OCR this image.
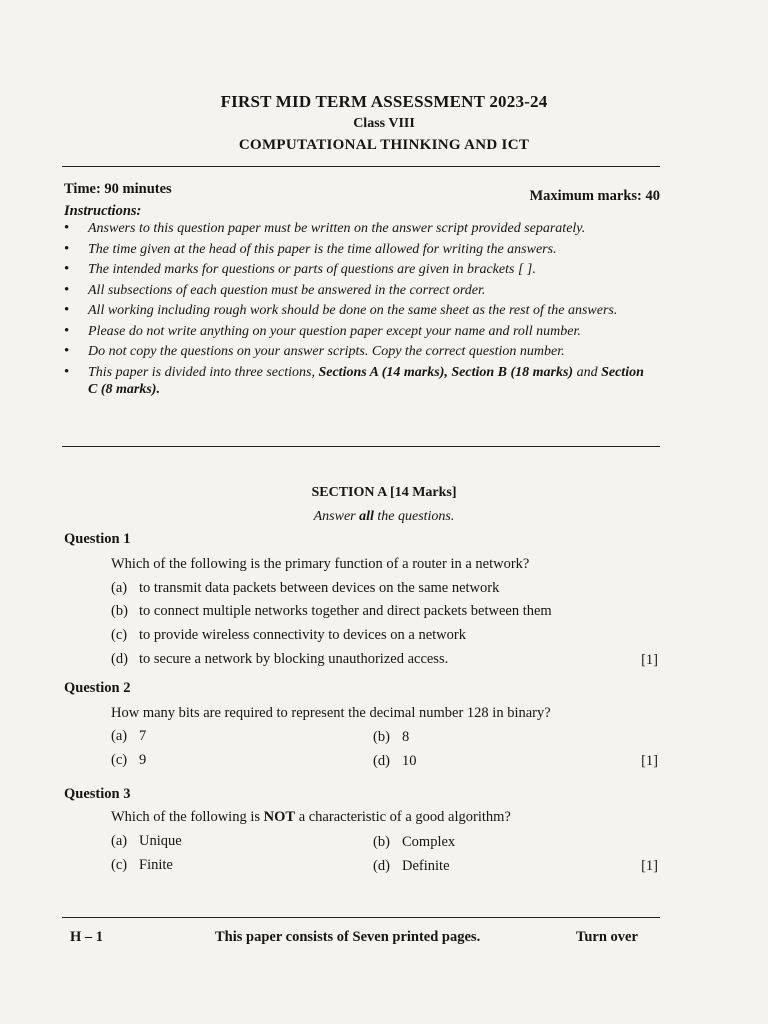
FIRST MID TERM ASSESSMENT 2023-24
Class VIII
COMPUTATIONAL THINKING AND ICT
Time: 90 minutes	Maximum marks: 40
Instructions:
• Answers to this question paper must be written on the answer script provided separately.
• The time given at the head of this paper is the time allowed for writing the answers.
• The intended marks for questions or parts of questions are given in brackets [ ].
• All subsections of each question must be answered in the correct order.
• All working including rough work should be done on the same sheet as the rest of the answers.
• Please do not write anything on your question paper except your name and roll number.
• Do not copy the questions on your answer scripts. Copy the correct question number.
• This paper is divided into three sections, Sections A (14 marks), Section B (18 marks) and Section C (8 marks).
SECTION A [14 Marks]
Answer all the questions.
Question 1
Which of the following is the primary function of a router in a network?
(a) to transmit data packets between devices on the same network
(b) to connect multiple networks together and direct packets between them
(c) to provide wireless connectivity to devices on a network
(d) to secure a network by blocking unauthorized access.	[1]
Question 2
How many bits are required to represent the decimal number 128 in binary?
(a) 7	(b) 8
(c) 9	(d) 10	[1]
Question 3
Which of the following is NOT a characteristic of a good algorithm?
(a) Unique	(b) Complex
(c) Finite	(d) Definite	[1]
H – 1	This paper consists of Seven printed pages.	Turn over
